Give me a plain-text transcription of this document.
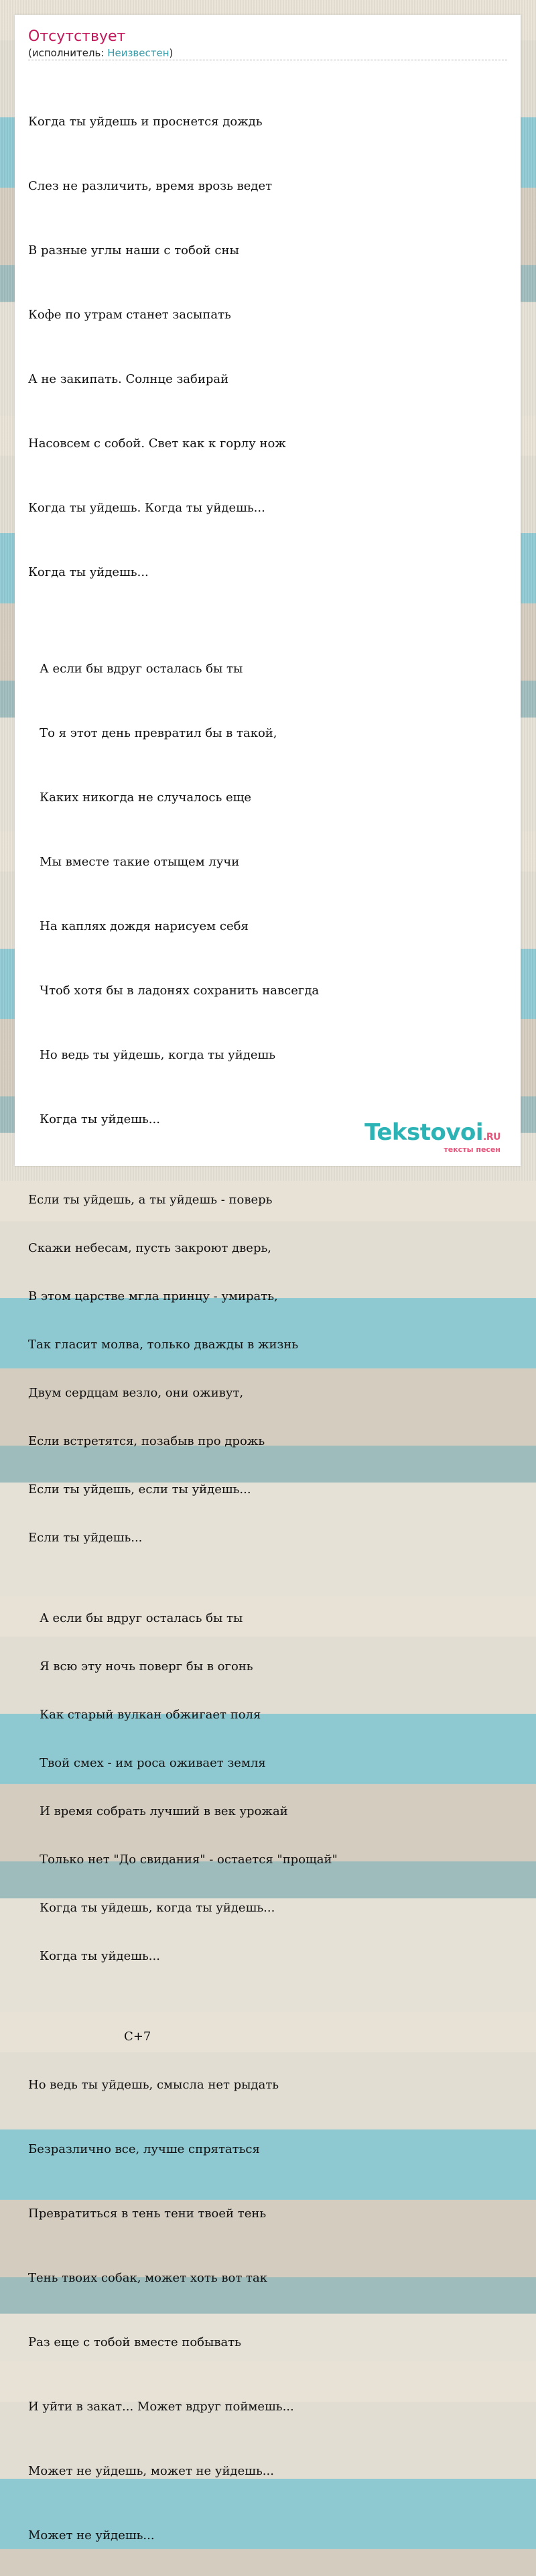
Отсутствует
(исполнитель: Неизвестен)

Когда ты уйдешь и проснется дождь

Слез не различить, время врозь ведет

В разные углы наши с тобой сны

Кофе по утрам станет засыпать

А не закипать. Солнце забирай

Насовсем с собой. Свет как к горлу нож

Когда ты уйдешь. Когда ты уйдешь...

Когда ты уйдешь...

А если бы вдруг осталась бы ты

То я этот день превратил бы в такой,

Каких никогда не случалось еще

Мы вместе такие отыщем лучи

На каплях дождя нарисуем себя

Чтоб хотя бы в ладонях сохранить навсегда

Но ведь ты уйдешь, когда ты уйдешь

Когда ты уйдешь...

Если ты уйдешь, а ты уйдешь - поверь

Скажи небесам, пусть закроют дверь,

В этом царстве мгла принцу - умирать,

Так гласит молва, только дважды в жизнь

Двум сердцам везло, они оживут,

Если встретятся, позабыв про дрожь

Если ты уйдешь, если ты уйдешь...

Если ты уйдешь...

А если бы вдруг осталась бы ты

Я всю эту ночь поверг бы в огонь

Как старый вулкан обжигает поля

Твой смех - им роса оживает земля

И время собрать лучший в век урожай

Только нет "До свидания" - остается "прощай"

Когда ты уйдешь, когда ты уйдешь...

Когда ты уйдешь...

C+7

Но ведь ты уйдешь, смысла нет рыдать

Безразлично все, лучше спрятаться

Превратиться в тень тени твоей тень

Тень твоих собак, может хоть вот так

Раз еще с тобой вместе побывать

И уйти в закат... Может вдруг поймешь...

Может не уйдешь, может не уйдешь...

Может не уйдешь...

Tekstovoi.RU
тексты песен
